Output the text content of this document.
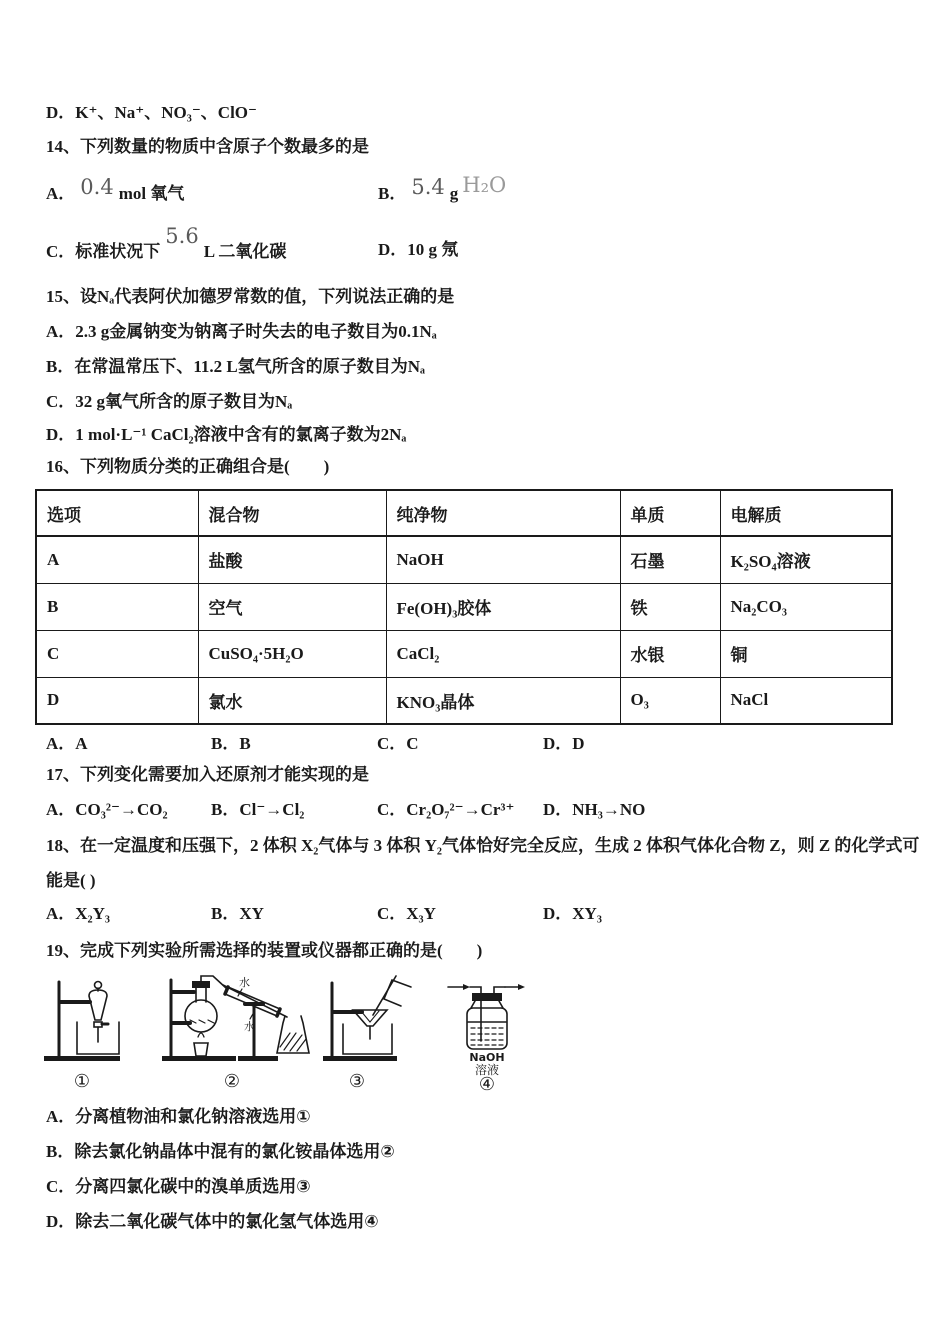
D．K⁺、Na⁺、NO₃⁻、ClO⁻
14、下列数量的物质中含原子个数最多的是
A． 0.4 mol 氧气	B． 5.4 g H₂O
C．标准状况下5.6L 二氧化碳	D．10 g 氖
15、设Nₐ代表阿伏加德罗常数的值，下列说法正确的是
A．2.3 g金属钠变为钠离子时失去的电子数目为0.1Nₐ
B．在常温常压下、11.2 L氢气所含的原子数目为Nₐ
C．32 g氧气所含的原子数目为Nₐ
D．1 mol·L⁻¹ CaCl₂溶液中含有的氯离子数为2Nₐ
16、下列物质分类的正确组合是(　　)
选项	混合物	纯净物	单质	电解质
A	盐酸	NaOH	石墨	K₂SO₄溶液
B	空气	Fe(OH)₃胶体	铁	Na₂CO₃
C	CuSO₄·5H₂O	CaCl₂	水银	铜
D	氯水	KNO₃晶体	O₃	NaCl
A．A	B．B	C．C	D．D
17、下列变化需要加入还原剂才能实现的是
A．CO₃²⁻→CO₂	B．Cl⁻→Cl₂	C．Cr₂O₇²⁻→Cr³⁺ D．NH₃→NO
18、在一定温度和压强下，2 体积 X₂气体与 3 体积 Y₂气体恰好完全反应，生成 2 体积气体化合物 Z，则 Z 的化学式可
能是( )
A．X₂Y₃	B．XY	C．X₃Y	D．XY₃
19、完成下列实验所需选择的装置或仪器都正确的是(　　)
水
水
NaOH
溶液
①	②	③	④
A．分离植物油和氯化钠溶液选用①
B．除去氯化钠晶体中混有的氯化铵晶体选用②
C．分离四氯化碳中的溴单质选用③
D．除去二氧化碳气体中的氯化氢气体选用④
